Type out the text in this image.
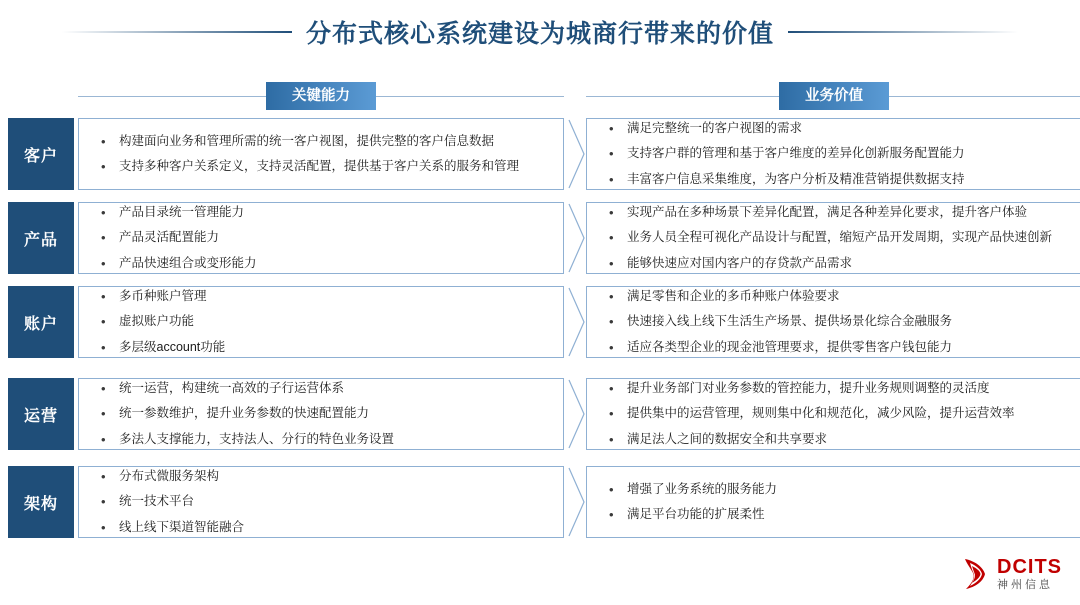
分布式核心系统建设为城商行带来的价值
关键能力	业务价值
客户
• 构建面向业务和管理所需的统一客户视图，提供完整的客户信息数据
• 支持多种客户关系定义，支持灵活配置，提供基于客户关系的服务和管理
• 满足完整统一的客户视图的需求
• 支持客户群的管理和基于客户维度的差异化创新服务配置能力
• 丰富客户信息采集维度，为客户分析及精准营销提供数据支持
产品
• 产品目录统一管理能力
• 产品灵活配置能力
• 产品快速组合或变形能力
• 实现产品在多种场景下差异化配置，满足各种差异化要求，提升客户体验
• 业务人员全程可视化产品设计与配置，缩短产品开发周期，实现产品快速创新
• 能够快速应对国内客户的存贷款产品需求
账户
• 多币种账户管理
• 虚拟账户功能
• 多层级account功能
• 满足零售和企业的多币种账户体验要求
• 快速接入线上线下生活生产场景、提供场景化综合金融服务
• 适应各类型企业的现金池管理要求，提供零售客户钱包能力
运营
• 统一运营，构建统一高效的子行运营体系
• 统一参数维护，提升业务参数的快速配置能力
• 多法人支撑能力，支持法人、分行的特色业务设置
• 提升业务部门对业务参数的管控能力，提升业务规则调整的灵活度
• 提供集中的运营管理，规则集中化和规范化，减少风险，提升运营效率
• 满足法人之间的数据安全和共享要求
架构
• 分布式微服务架构
• 统一技术平台
• 线上线下渠道智能融合
• 增强了业务系统的服务能力
• 满足平台功能的扩展柔性
DCITS
神州信息
